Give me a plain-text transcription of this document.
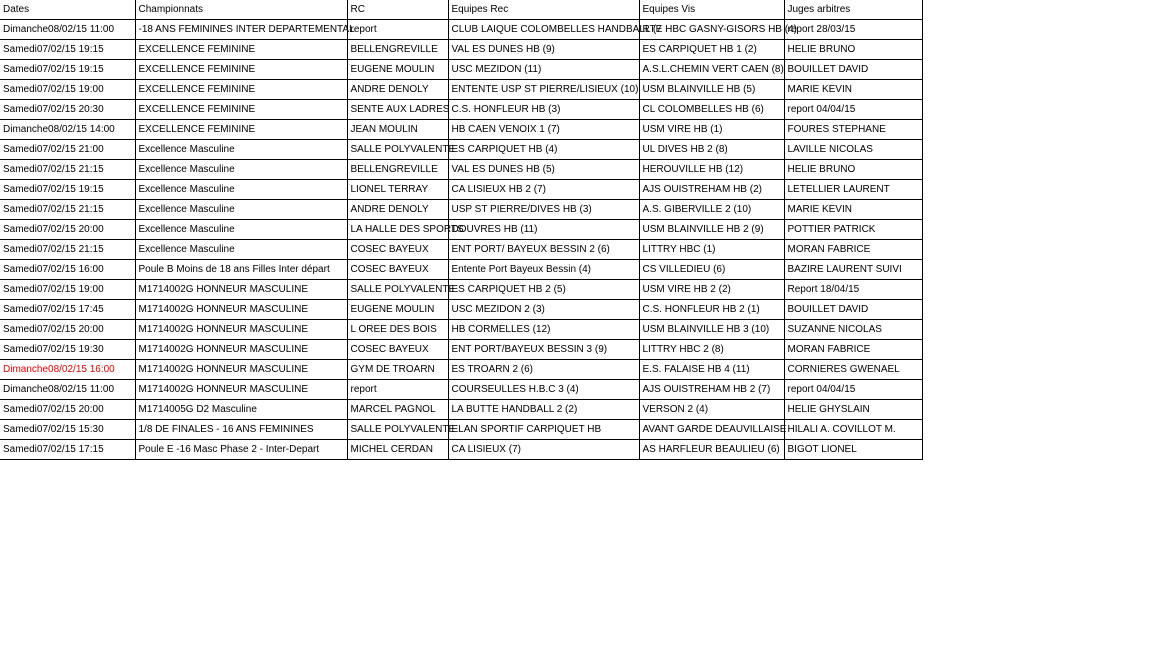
Dates	Championnats	RC	Equipes Rec	Equipes Vis	Juges arbitres
Dimanche08/02/15 11:00	-18 ANS FEMININES INTER DEPARTEMENTAL	report	CLUB LAIQUE COLOMBELLES HANDBALL (7	RTE HBC GASNY-GISORS HB (4)	report 28/03/15
Samedi07/02/15 19:15	EXCELLENCE FEMININE	BELLENGREVILLE	VAL ES DUNES HB (9)	ES CARPIQUET HB 1 (2)	HELIE BRUNO
Samedi07/02/15 19:15	EXCELLENCE FEMININE	EUGENE MOULIN	USC MEZIDON (11)	A.S.L.CHEMIN VERT CAEN (8)	BOUILLET DAVID
Samedi07/02/15 19:00	EXCELLENCE FEMININE	ANDRE DENOLY	ENTENTE USP ST PIERRE/LISIEUX (10)	USM BLAINVILLE HB (5)	MARIE KEVIN
Samedi07/02/15 20:30	EXCELLENCE FEMININE	SENTE AUX LADRES	C.S. HONFLEUR HB (3)	CL COLOMBELLES HB (6)	report 04/04/15
Dimanche08/02/15 14:00	EXCELLENCE FEMININE	JEAN MOULIN	HB CAEN VENOIX 1 (7)	USM VIRE HB (1)	FOURES STEPHANE
Samedi07/02/15 21:00	Excellence Masculine	SALLE POLYVALENTE	ES CARPIQUET HB (4)	UL DIVES HB 2 (8)	LAVILLE NICOLAS
Samedi07/02/15 21:15	Excellence Masculine	BELLENGREVILLE	VAL ES DUNES HB (5)	HEROUVILLE HB (12)	HELIE BRUNO
Samedi07/02/15 19:15	Excellence Masculine	LIONEL TERRAY	CA LISIEUX HB 2 (7)	AJS OUISTREHAM HB (2)	LETELLIER LAURENT
Samedi07/02/15 21:15	Excellence Masculine	ANDRE DENOLY	USP ST PIERRE/DIVES HB (3)	A.S. GIBERVILLE 2 (10)	MARIE KEVIN
Samedi07/02/15 20:00	Excellence Masculine	LA HALLE DES SPORTS	DOUVRES HB (11)	USM BLAINVILLE HB 2 (9)	POTTIER PATRICK
Samedi07/02/15 21:15	Excellence Masculine	COSEC BAYEUX	ENT PORT/ BAYEUX BESSIN 2 (6)	LITTRY HBC (1)	MORAN FABRICE
Samedi07/02/15 16:00	Poule B Moins de 18 ans Filles Inter départ	COSEC BAYEUX	Entente Port Bayeux Bessin (4)	CS VILLEDIEU (6)	BAZIRE LAURENT SUIVI
Samedi07/02/15 19:00	M1714002G HONNEUR MASCULINE	SALLE POLYVALENTE	ES CARPIQUET HB 2 (5)	USM VIRE HB 2 (2)	Report 18/04/15
Samedi07/02/15 17:45	M1714002G HONNEUR MASCULINE	EUGENE MOULIN	USC MEZIDON 2 (3)	C.S. HONFLEUR HB 2 (1)	BOUILLET DAVID
Samedi07/02/15 20:00	M1714002G HONNEUR MASCULINE	L OREE DES BOIS	HB CORMELLES (12)	USM BLAINVILLE HB 3 (10)	SUZANNE NICOLAS
Samedi07/02/15 19:30	M1714002G HONNEUR MASCULINE	COSEC BAYEUX	ENT PORT/BAYEUX BESSIN 3 (9)	LITTRY HBC 2 (8)	MORAN FABRICE
Dimanche08/02/15 16:00	M1714002G HONNEUR MASCULINE	GYM DE TROARN	ES TROARN 2 (6)	E.S. FALAISE HB 4 (11)	CORNIERES GWENAEL
Dimanche08/02/15 11:00	M1714002G HONNEUR MASCULINE	report	COURSEULLES H.B.C 3 (4)	AJS OUISTREHAM HB 2 (7)	report 04/04/15
Samedi07/02/15 20:00	M1714005G D2 Masculine	MARCEL PAGNOL	LA BUTTE HANDBALL 2 (2)	VERSON 2 (4)	HELIE GHYSLAIN
Samedi07/02/15 15:30	1/8 DE FINALES - 16 ANS FEMININES	SALLE POLYVALENTE	ELAN SPORTIF CARPIQUET HB	AVANT GARDE DEAUVILLAISE	HILALI A. COVILLOT M.
Samedi07/02/15 17:15	Poule E -16 Masc Phase 2 - Inter-Depart	MICHEL CERDAN	CA LISIEUX (7)	AS HARFLEUR BEAULIEU (6)	BIGOT LIONEL
